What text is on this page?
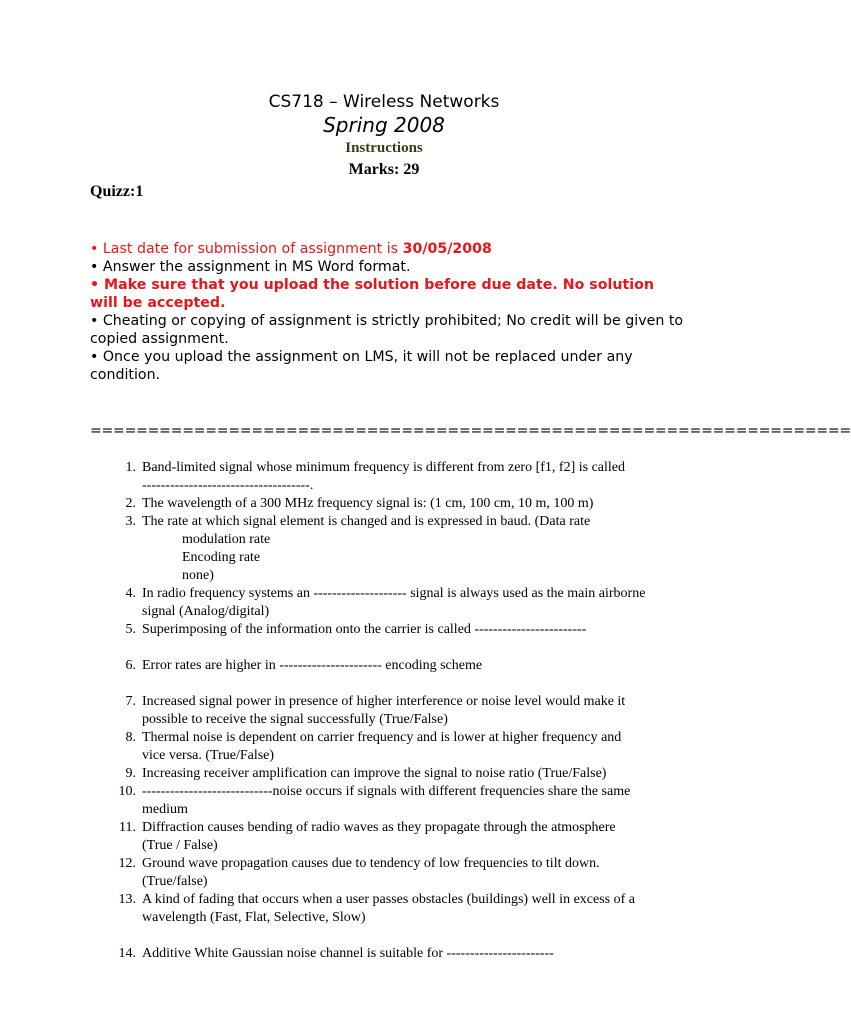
CS718 – Wireless Networks
Spring 2008
Instructions
Marks: 29
Quizz:1

• Last date for submission of assignment is 30/05/2008

• Answer the assignment in MS Word format.

• Make sure that you upload the solution before due date. No solution

will be accepted.

• Cheating or copying of assignment is strictly prohibited; No credit will be given to copied assignment.

• Once you upload the assignment on LMS, it will not be replaced under any condition.

==================================================================
1. Band-limited signal whose minimum frequency is different from zero [f1, f2] is called
------------------------------------.
2. The wavelength of a 300 MHz frequency signal is: (1 cm, 100 cm, 10 m, 100 m)
3. The rate at which signal element is changed and is expressed in baud. (Data rate
modulation rate
Encoding rate
none)
4. In radio frequency systems an -------------------- signal is always used as the main airborne
signal (Analog/digital)
5. Superimposing of the information onto the carrier is called ------------------------
6. Error rates are higher in ---------------------- encoding scheme
7. Increased signal power in presence of higher interference or noise level would make it
possible to receive the signal successfully (True/False)
8. Thermal noise is dependent on carrier frequency and is lower at higher frequency and
vice versa. (True/False)
9. Increasing receiver amplification can improve the signal to noise ratio (True/False)
10. ----------------------------noise occurs if signals with different frequencies share the same
medium
11. Diffraction causes bending of radio waves as they propagate through the atmosphere
(True / False)
12. Ground wave propagation causes due to tendency of low frequencies to tilt down.
(True/false)
13. A kind of fading that occurs when a user passes obstacles (buildings) well in excess of a
wavelength (Fast, Flat, Selective, Slow)
14. Additive White Gaussian noise channel is suitable for -----------------------
